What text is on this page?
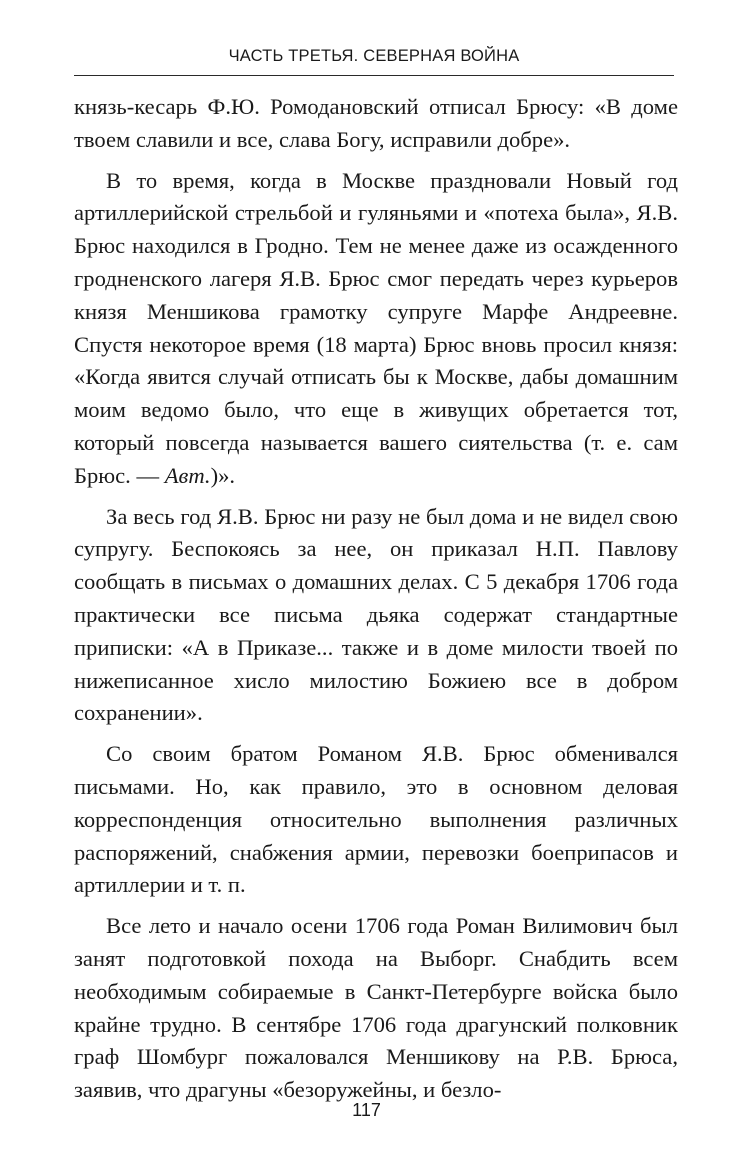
ЧАСТЬ ТРЕТЬЯ. СЕВЕРНАЯ ВОЙНА

князь-кесарь Ф.Ю. Ромодановский отписал Брюсу: «В доме твоем славили и все, слава Богу, исправили добре».

В то время, когда в Москве праздновали Новый год артиллерийской стрельбой и гуляньями и «потеха была», Я.В. Брюс находился в Гродно. Тем не менее даже из осажденного гродненского лагеря Я.В. Брюс смог передать через курьеров князя Меншикова грамотку супруге Марфе Андреевне. Спустя некоторое время (18 марта) Брюс вновь просил князя: «Когда явится случай отписать бы к Москве, дабы домашним моим ведомо было, что еще в живущих обретается тот, который повсегда называется вашего сиятельства (т. е. сам Брюс. — Авт.)».

За весь год Я.В. Брюс ни разу не был дома и не видел свою супругу. Беспокоясь за нее, он приказал Н.П. Павлову сообщать в письмах о домашних делах. С 5 декабря 1706 года практически все письма дьяка содержат стандартные приписки: «А в Приказе... также и в доме милости твоей по нижеписанное хисло милостию Божиею все в добром сохранении».

Со своим братом Романом Я.В. Брюс обменивался письмами. Но, как правило, это в основном деловая корреспонденция относительно выполнения различных распоряжений, снабжения армии, перевозки боеприпасов и артиллерии и т. п.

Все лето и начало осени 1706 года Роман Вилимович был занят подготовкой похода на Выборг. Снабдить всем необходимым собираемые в Санкт-Петербурге войска было крайне трудно. В сентябре 1706 года драгунский полковник граф Шомбург пожаловался Меншикову на Р.В. Брюса, заявив, что драгуны «безоружейны, и безло-

117
